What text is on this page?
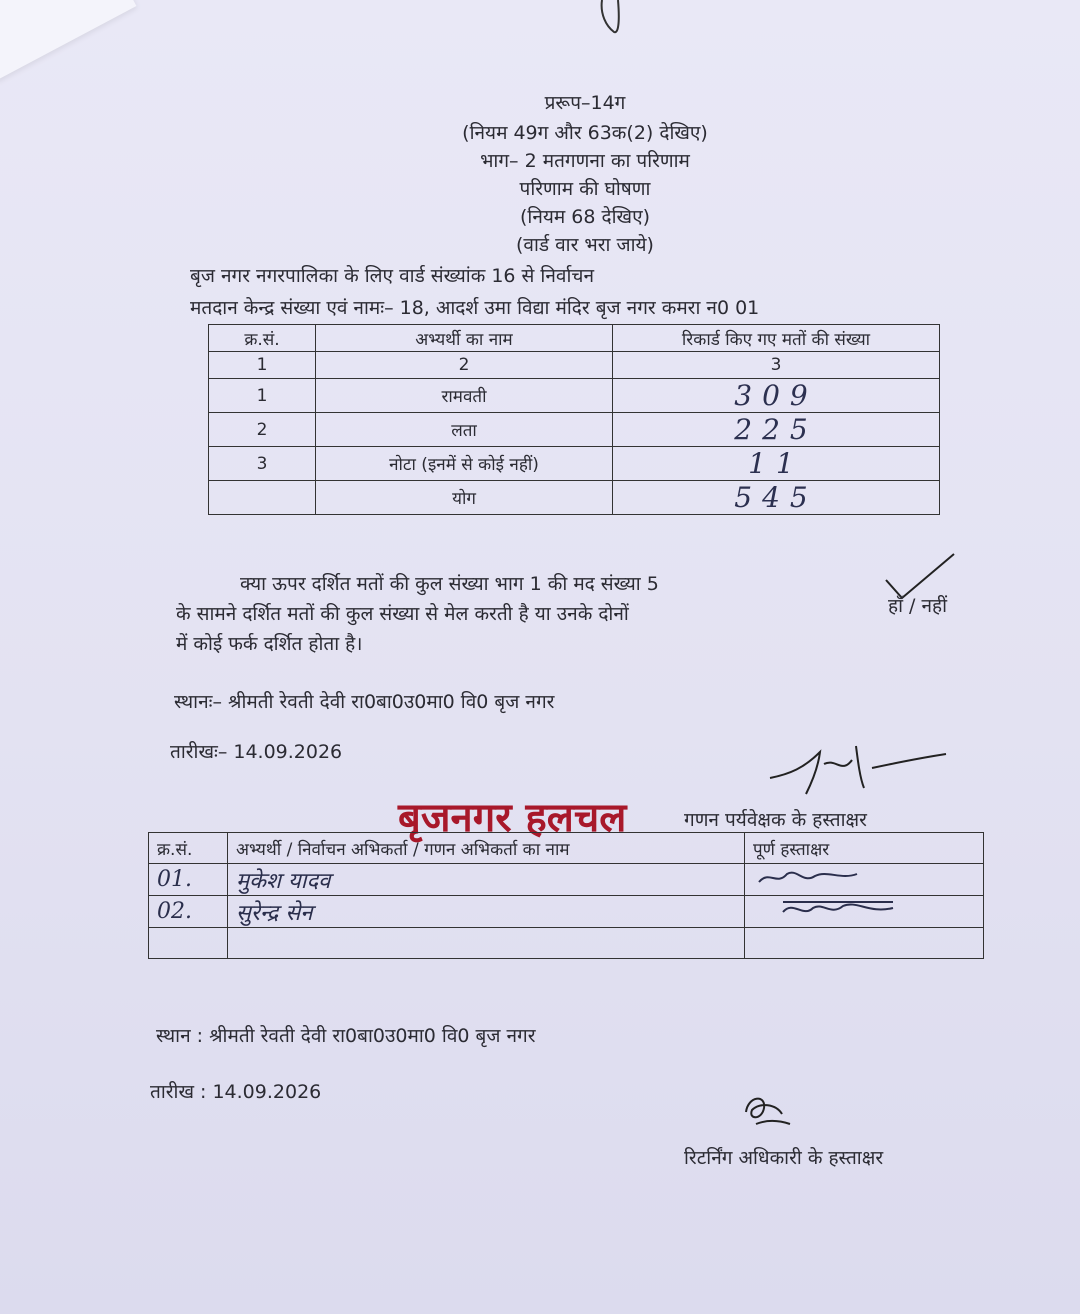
प्ररूप–14ग
(नियम 49ग और 63क(2) देखिए)
भाग– 2 मतगणना का परिणाम
परिणाम की घोषणा
(नियम 68 देखिए)
(वार्ड वार भरा जाये)
बृज नगर नगरपालिका के लिए वार्ड संख्यांक 16 से निर्वाचन
मतदान केन्द्र संख्या एवं नामः– 18, आदर्श उमा विद्या मंदिर बृज नगर कमरा न0 01
क्र.सं.	अभ्यर्थी का नाम	रिकार्ड किए गए मतों की संख्या
1	2	3
1	रामवती	309
2	लता	225
3	नोटा (इनमें से कोई नहीं)	11
	योग	545
क्या ऊपर दर्शित मतों की कुल संख्या भाग 1 की मद संख्या 5
के सामने दर्शित मतों की कुल संख्या से मेल करती है या उनके दोनों
में कोई फर्क दर्शित होता है।
हाँ / नहीं
स्थानः– श्रीमती रेवती देवी रा0बा0उ0मा0 वि0 बृज नगर
तारीखः– 14.09.2026
बृजनगर हलचल	गणन पर्यवेक्षक के हस्ताक्षर
क्र.सं.	अभ्यर्थी / निर्वाचन अभिकर्ता / गणन अभिकर्ता का नाम	पूर्ण हस्ताक्षर
01.	मुकेश यादव	
02.	सुरेन्द्र सेन	

स्थान : श्रीमती रेवती देवी रा0बा0उ0मा0 वि0 बृज नगर
तारीख : 14.09.2026
रिटर्निंग अधिकारी के हस्ताक्षर
